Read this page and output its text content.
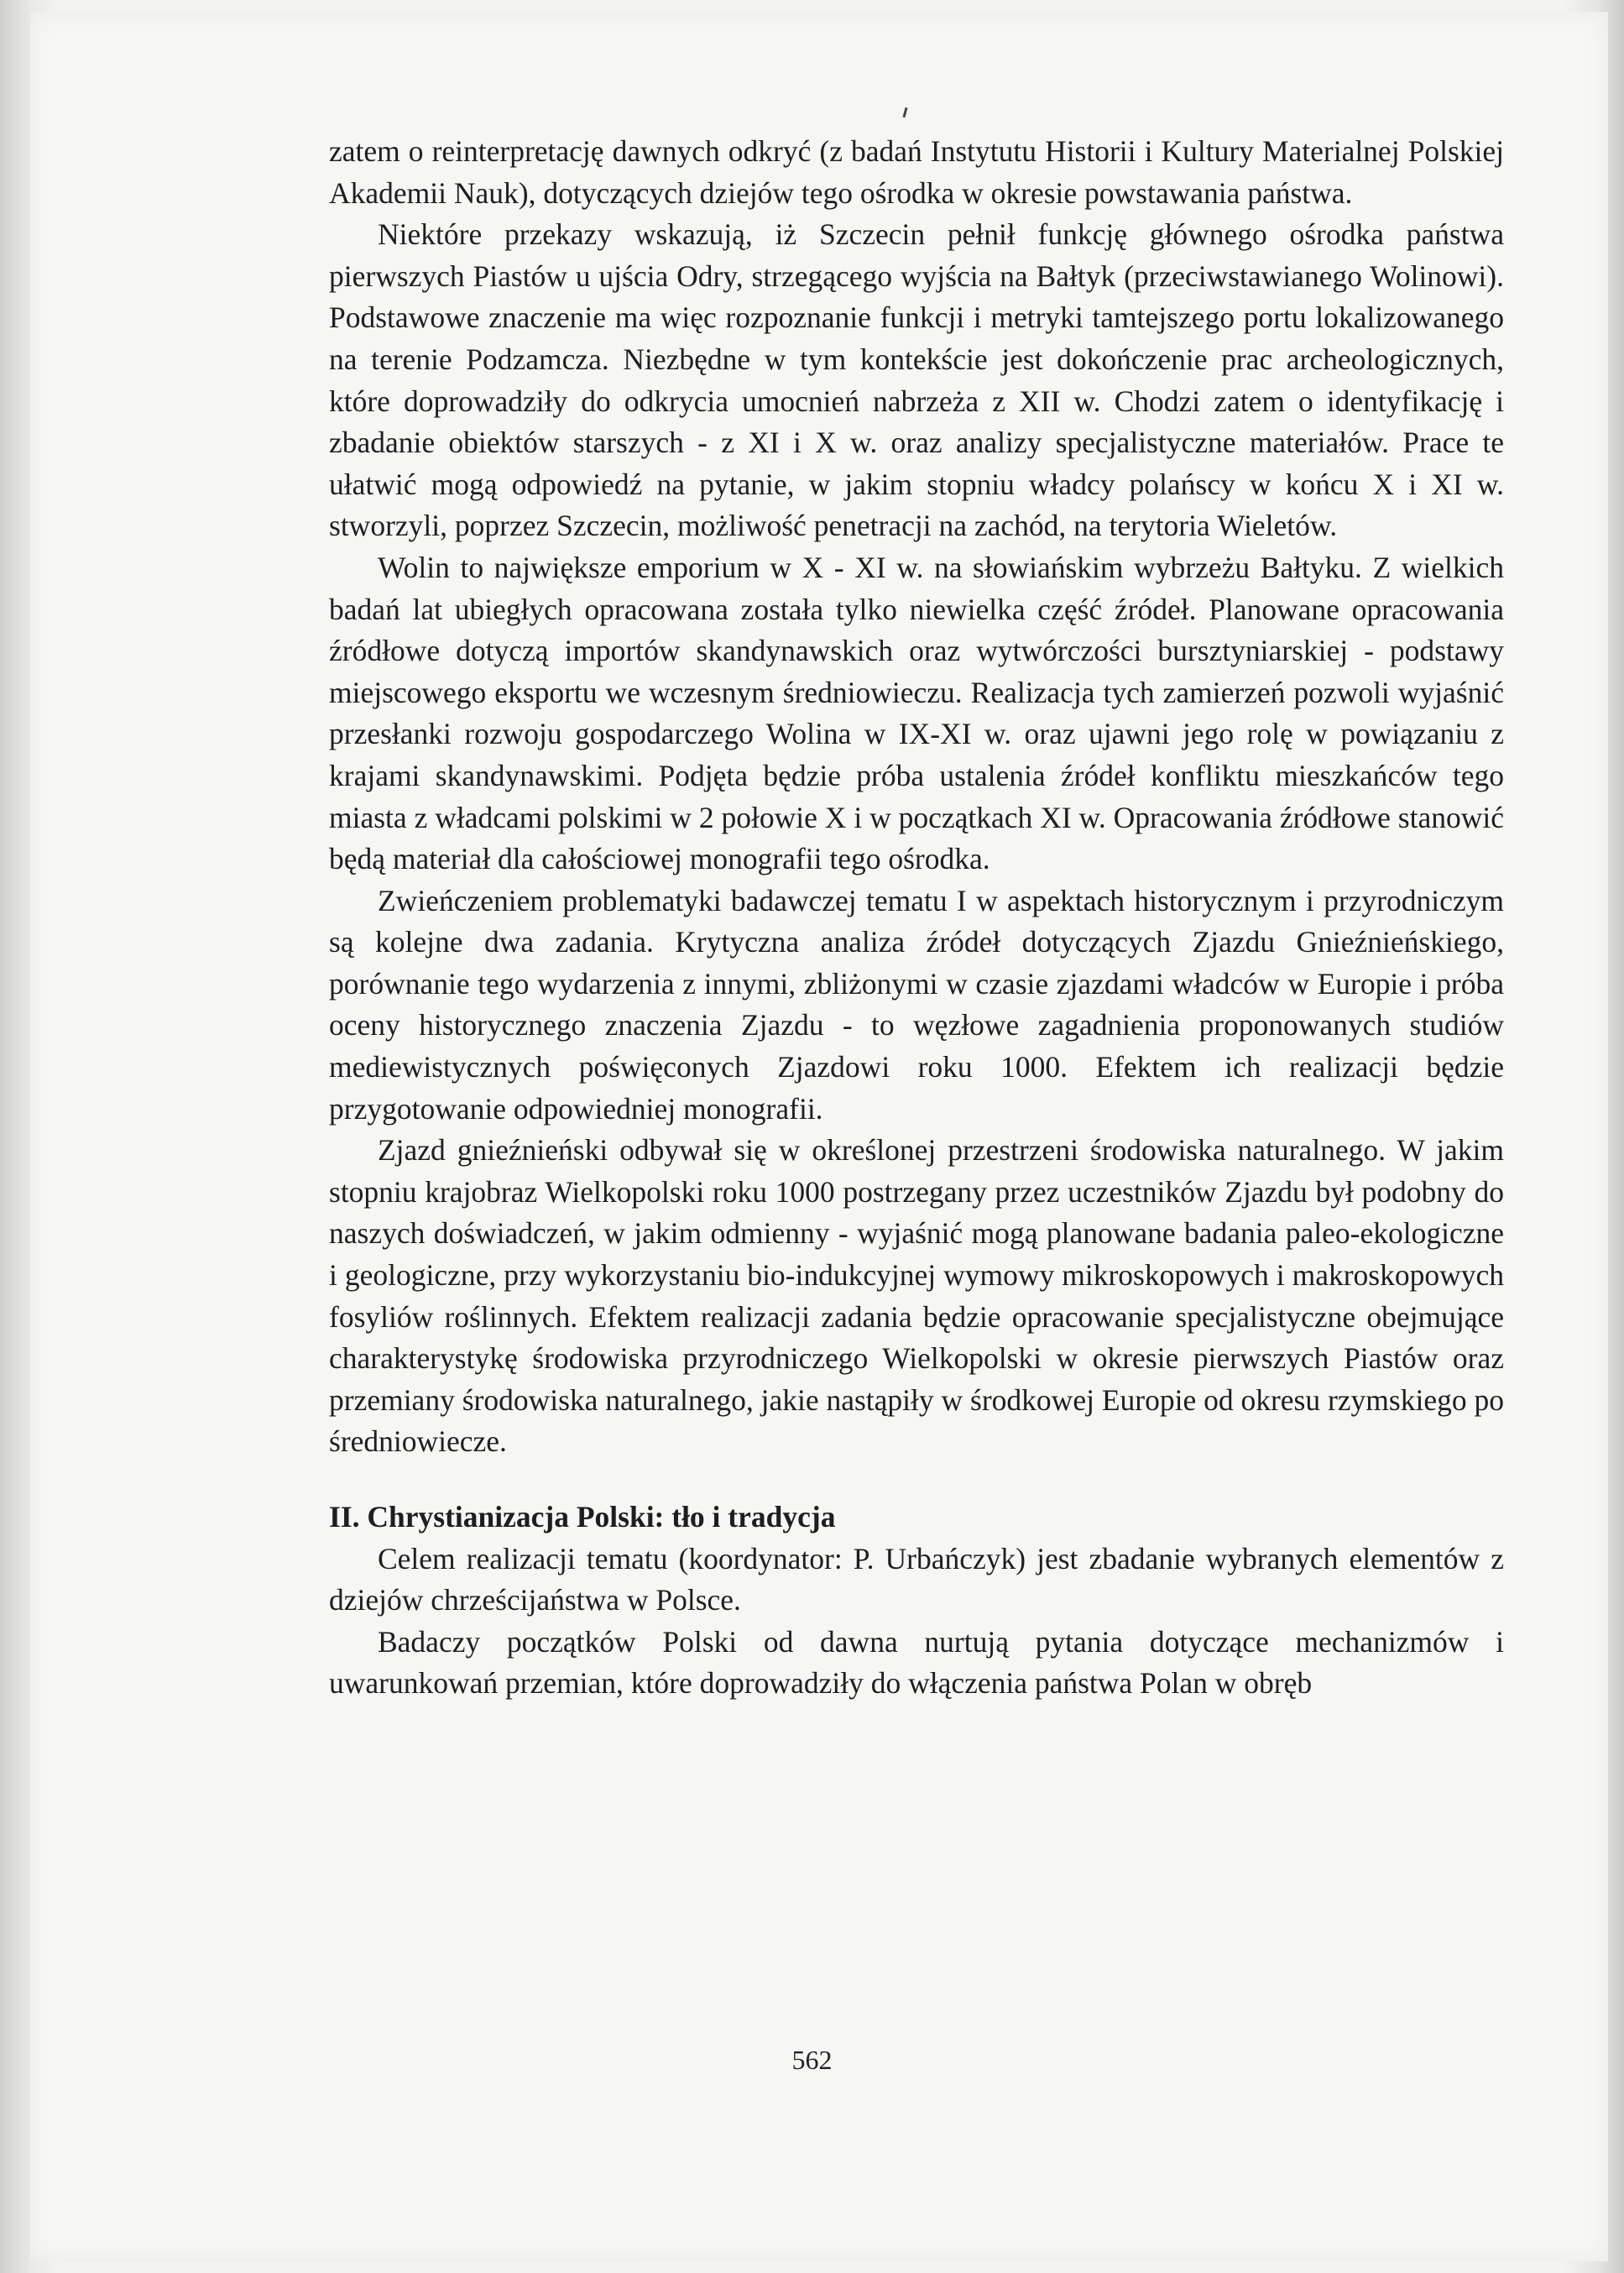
zatem o reinterpretację dawnych odkryć (z badań Instytutu Historii i Kultury Materialnej Polskiej Akademii Nauk), dotyczących dziejów tego ośrodka w okresie powstawania państwa.

Niektóre przekazy wskazują, iż Szczecin pełnił funkcję głównego ośrodka państwa pierwszych Piastów u ujścia Odry, strzegącego wyjścia na Bałtyk (przeciwstawianego Wolinowi). Podstawowe znaczenie ma więc rozpoznanie funkcji i metryki tamtejszego portu lokalizowanego na terenie Podzamcza. Niezbędne w tym kontekście jest dokończenie prac archeologicznych, które doprowadziły do odkrycia umocnień nabrzeża z XII w. Chodzi zatem o identyfikację i zbadanie obiektów starszych - z XI i X w. oraz analizy specjalistyczne materiałów. Prace te ułatwić mogą odpowiedź na pytanie, w jakim stopniu władcy polańscy w końcu X i XI w. stworzyli, poprzez Szczecin, możliwość penetracji na zachód, na terytoria Wieletów.

Wolin to największe emporium w X - XI w. na słowiańskim wybrzeżu Bałtyku. Z wielkich badań lat ubiegłych opracowana została tylko niewielka część źródeł. Planowane opracowania źródłowe dotyczą importów skandynawskich oraz wytwórczości bursztyniarskiej - podstawy miejscowego eksportu we wczesnym średniowieczu. Realizacja tych zamierzeń pozwoli wyjaśnić przesłanki rozwoju gospodarczego Wolina w IX-XI w. oraz ujawni jego rolę w powiązaniu z krajami skandynawskimi. Podjęta będzie próba ustalenia źródeł konfliktu mieszkańców tego miasta z władcami polskimi w 2 połowie X i w początkach XI w. Opracowania źródłowe stanowić będą materiał dla całościowej monografii tego ośrodka.

Zwieńczeniem problematyki badawczej tematu I w aspektach historycznym i przyrodniczym są kolejne dwa zadania. Krytyczna analiza źródeł dotyczących Zjazdu Gnieźnieńskiego, porównanie tego wydarzenia z innymi, zbliżonymi w czasie zjazdami władców w Europie i próba oceny historycznego znaczenia Zjazdu - to węzłowe zagadnienia proponowanych studiów mediewistycznych poświęconych Zjazdowi roku 1000. Efektem ich realizacji będzie przygotowanie odpowiedniej monografii.

Zjazd gnieźnieński odbywał się w określonej przestrzeni środowiska naturalnego. W jakim stopniu krajobraz Wielkopolski roku 1000 postrzegany przez uczestników Zjazdu był podobny do naszych doświadczeń, w jakim odmienny - wyjaśnić mogą planowane badania paleo-ekologiczne i geologiczne, przy wykorzystaniu bio-indukcyjnej wymowy mikroskopowych i makroskopowych fosyliów roślinnych. Efektem realizacji zadania będzie opracowanie specjalistyczne obejmujące charakterystykę środowiska przyrodniczego Wielkopolski w okresie pierwszych Piastów oraz przemiany środowiska naturalnego, jakie nastąpiły w środkowej Europie od okresu rzymskiego po średniowiecze.

II. Chrystianizacja Polski: tło i tradycja

Celem realizacji tematu (koordynator: P. Urbańczyk) jest zbadanie wybranych elementów z dziejów chrześcijaństwa w Polsce.

Badaczy początków Polski od dawna nurtują pytania dotyczące mechanizmów i uwarunkowań przemian, które doprowadziły do włączenia państwa Polan w obręb

562
